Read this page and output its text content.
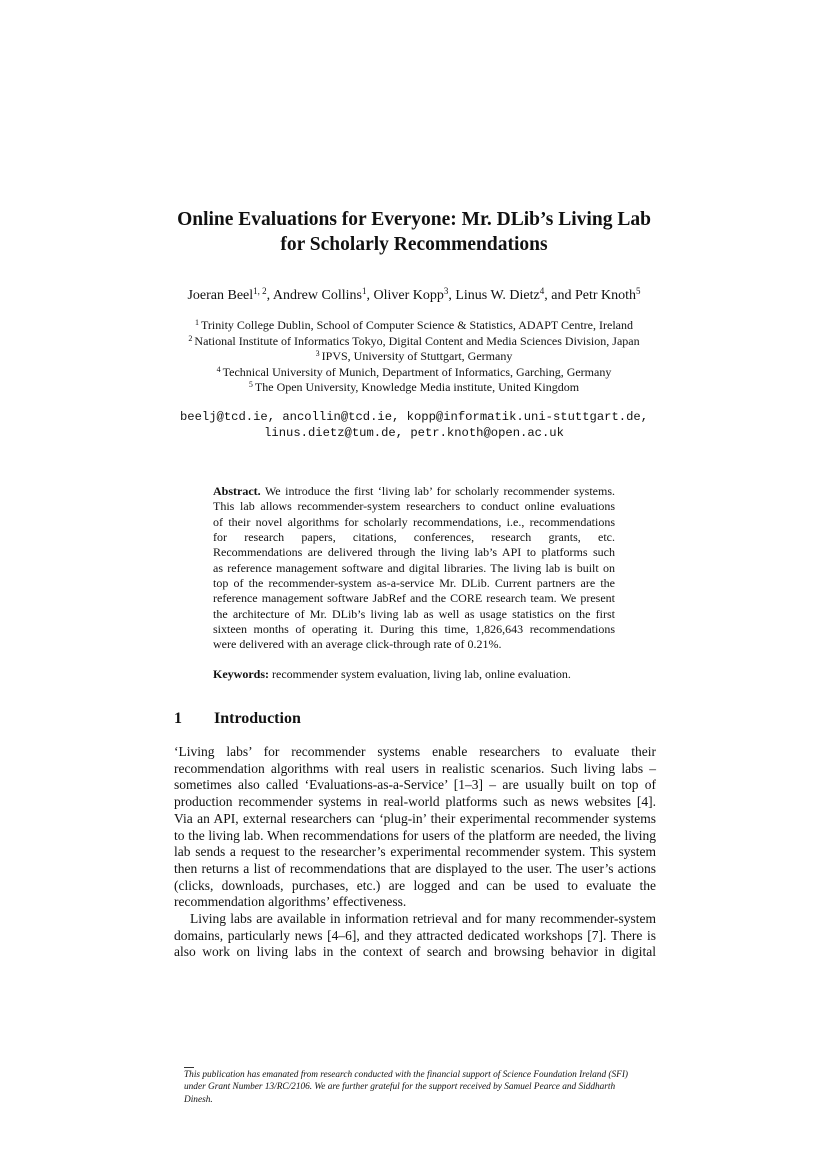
Online Evaluations for Everyone: Mr. DLib’s Living Lab
for Scholarly Recommendations
Joeran Beel$^{1, 2}$, Andrew Collins$^1$, Oliver Kopp$^3$, Linus W. Dietz$^4$, and Petr Knoth$^5$
$^1$ Trinity College Dublin, School of Computer Science & Statistics, ADAPT Centre, Ireland
$^2$ National Institute of Informatics Tokyo, Digital Content and Media Sciences Division, Japan
$^3$ IPVS, University of Stuttgart, Germany
$^4$ Technical University of Munich, Department of Informatics, Garching, Germany
$^5$ The Open University, Knowledge Media institute, United Kingdom
beelj@tcd.ie, ancollin@tcd.ie, kopp@informatik.uni-stuttgart.de,
linus.dietz@tum.de, petr.knoth@open.ac.uk
Abstract. We introduce the first ‘living lab’ for scholarly recommender systems.
This lab allows recommender-system researchers to conduct online evaluations
of their novel algorithms for scholarly recommendations, i.e., recommendations
for research papers, citations, conferences, research grants, etc.
Recommendations are delivered through the living lab’s API to platforms such
as reference management software and digital libraries. The living lab is built on
top of the recommender-system as-a-service Mr. DLib. Current partners are the
reference management software JabRef and the CORE research team. We present
the architecture of Mr. DLib’s living lab as well as usage statistics on the first
sixteen months of operating it. During this time, 1,826,643 recommendations
were delivered with an average click-through rate of 0.21%.
Keywords: recommender system evaluation, living lab, online evaluation.
1 Introduction
‘Living labs’ for recommender systems enable researchers to evaluate their
recommendation algorithms with real users in realistic scenarios. Such living labs –
sometimes also called ‘Evaluations-as-a-Service’ [1–3] – are usually built on top of
production recommender systems in real-world platforms such as news websites [4].
Via an API, external researchers can ‘plug-in’ their experimental recommender systems
to the living lab. When recommendations for users of the platform are needed, the living
lab sends a request to the researcher’s experimental recommender system. This system
then returns a list of recommendations that are displayed to the user. The user’s actions
(clicks, downloads, purchases, etc.) are logged and can be used to evaluate the
recommendation algorithms’ effectiveness.
Living labs are available in information retrieval and for many recommender-system
domains, particularly news [4–6], and they attracted dedicated workshops [7]. There is
also work on living labs in the context of search and browsing behavior in digital
This publication has emanated from research conducted with the financial support of Science Foundation Ireland (SFI)
under Grant Number 13/RC/2106. We are further grateful for the support received by Samuel Pearce and Siddharth
Dinesh.
